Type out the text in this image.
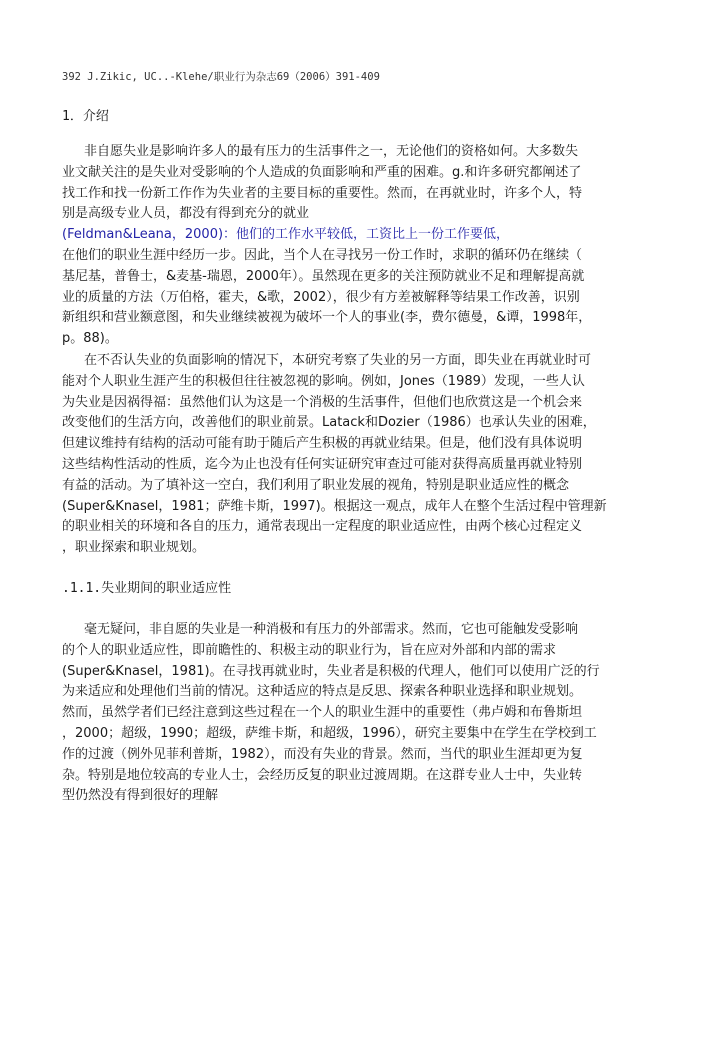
392 J.Zikic, UC..-Klehe/职业行为杂志69（2006）391-409
1．介绍
非自愿失业是影响许多人的最有压力的生活事件之一，无论他们的资格如何。大多数失
业文献关注的是失业对受影响的个人造成的负面影响和严重的困难。g.和许多研究都阐述了
找工作和找一份新工作作为失业者的主要目标的重要性。然而，在再就业时，许多个人，特
别是高级专业人员，都没有得到充分的就业
(Feldman&Leana，2000)：他们的工作水平较低，工资比上一份工作要低，
在他们的职业生涯中经历一步。因此，当个人在寻找另一份工作时，求职的循环仍在继续（
基尼基，普鲁士，&麦基-瑞恩，2000年）。虽然现在更多的关注预防就业不足和理解提高就
业的质量的方法（万伯格，霍夫，&歌，2002），很少有方差被解释等结果工作改善，识别
新组织和营业额意图，和失业继续被视为破坏一个人的事业(李，费尔德曼，&谭，1998年，
p。88)。
在不否认失业的负面影响的情况下，本研究考察了失业的另一方面，即失业在再就业时可
能对个人职业生涯产生的积极但往往被忽视的影响。例如，Jones（1989）发现，一些人认
为失业是因祸得福：虽然他们认为这是一个消极的生活事件，但他们也欣赏这是一个机会来
改变他们的生活方向，改善他们的职业前景。Latack和Dozier（1986）也承认失业的困难，
但建议维持有结构的活动可能有助于随后产生积极的再就业结果。但是，他们没有具体说明
这些结构性活动的性质，迄今为止也没有任何实证研究审查过可能对获得高质量再就业特别
有益的活动。为了填补这一空白，我们利用了职业发展的视角，特别是职业适应性的概念
(Super&Knasel，1981；萨维卡斯，1997)。根据这一观点，成年人在整个生活过程中管理新
的职业相关的环境和各自的压力，通常表现出一定程度的职业适应性，由两个核心过程定义
，职业探索和职业规划。
.1.1.失业期间的职业适应性
毫无疑问，非自愿的失业是一种消极和有压力的外部需求。然而，它也可能触发受影响
的个人的职业适应性，即前瞻性的、积极主动的职业行为，旨在应对外部和内部的需求
(Super&Knasel，1981)。在寻找再就业时，失业者是积极的代理人，他们可以使用广泛的行
为来适应和处理他们当前的情况。这种适应的特点是反思、探索各种职业选择和职业规划。
然而，虽然学者们已经注意到这些过程在一个人的职业生涯中的重要性（弗卢姆和布鲁斯坦
，2000；超级，1990；超级，萨维卡斯，和超级，1996），研究主要集中在学生在学校到工
作的过渡（例外见菲利普斯，1982），而没有失业的背景。然而，当代的职业生涯却更为复
杂。特别是地位较高的专业人士，会经历反复的职业过渡周期。在这群专业人士中，失业转
型仍然没有得到很好的理解
